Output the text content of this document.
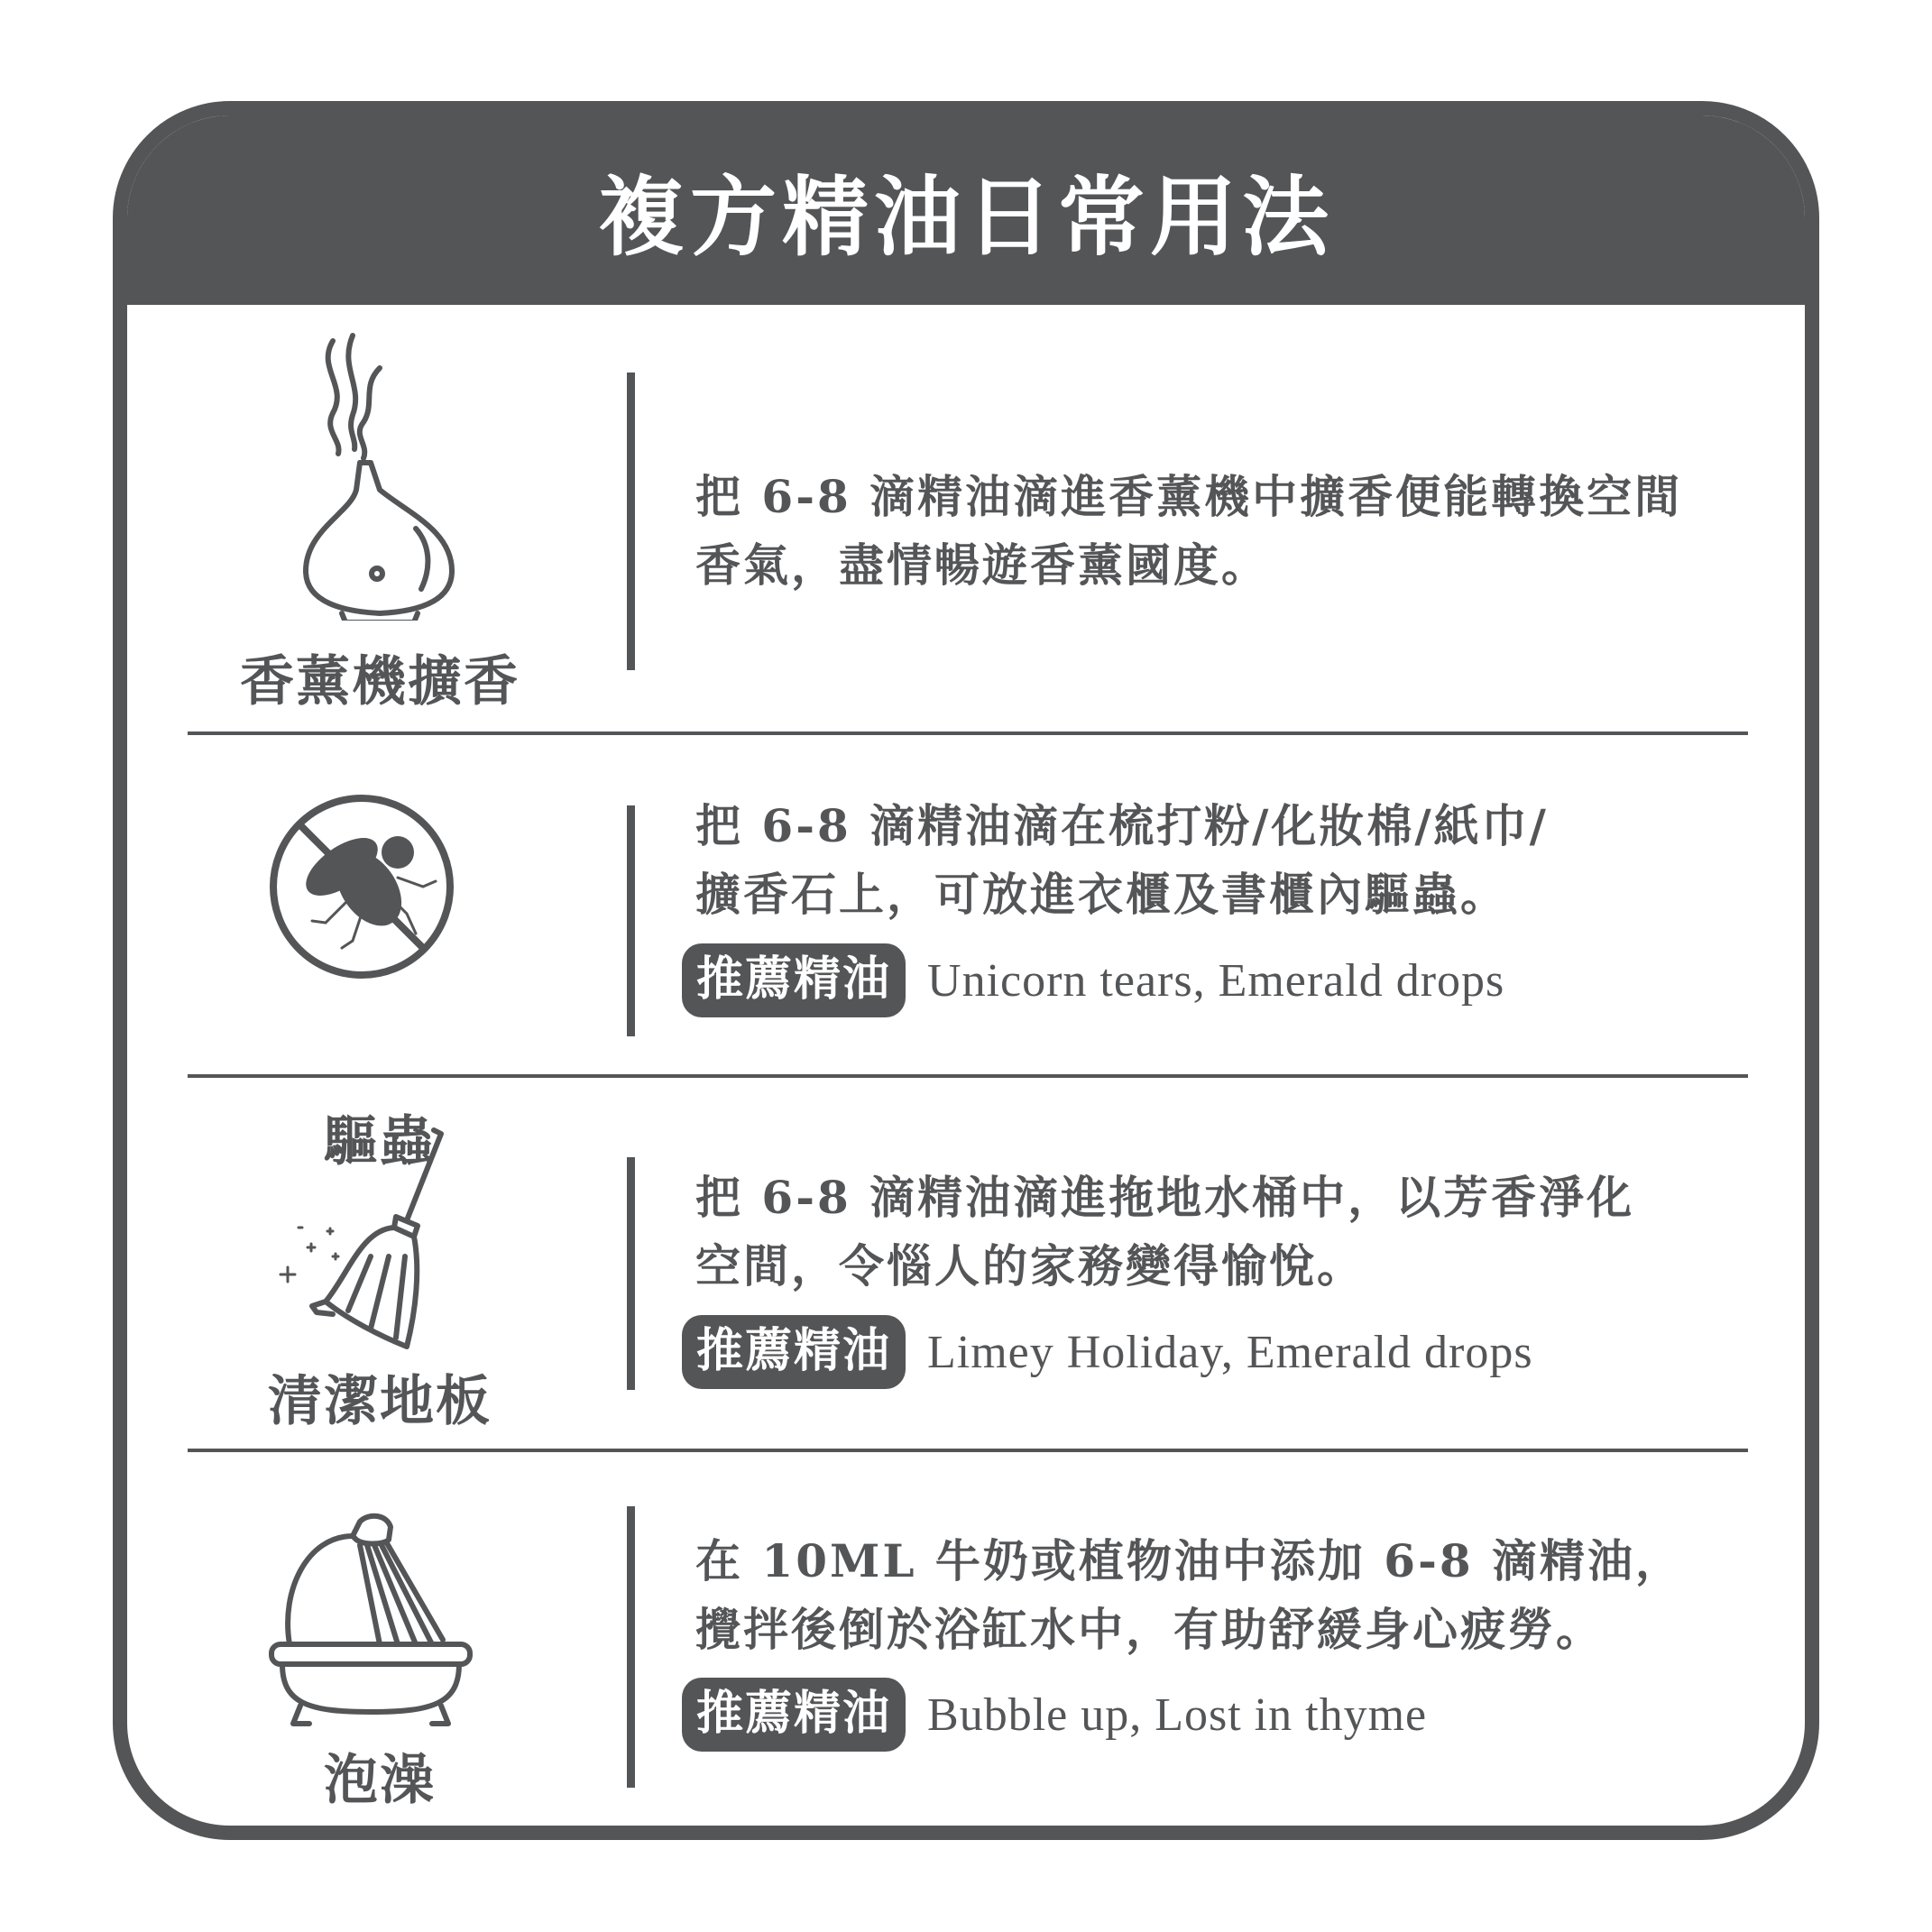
複方精油日常用法
香薰機擴香
把 6-8 滴精油滴進香薰機中擴香便能轉換空間
香氣，盡情暢遊香薰國度。
驅蟲
把 6-8 滴精油滴在梳打粉/化妝棉/紙巾/
擴香石上，可放進衣櫃及書櫃內驅蟲。
推薦精油 Unicorn tears, Emerald drops
清潔地板
把 6-8 滴精油滴進拖地水桶中，以芳香淨化
空間，令惱人的家務變得愉悅。
推薦精油 Limey Holiday, Emerald drops
泡澡
在 10ML 牛奶或植物油中添加 6-8 滴精油，
攪拌後倒於浴缸水中，有助舒緩身心疲勞。
推薦精油 Bubble up, Lost in thyme
